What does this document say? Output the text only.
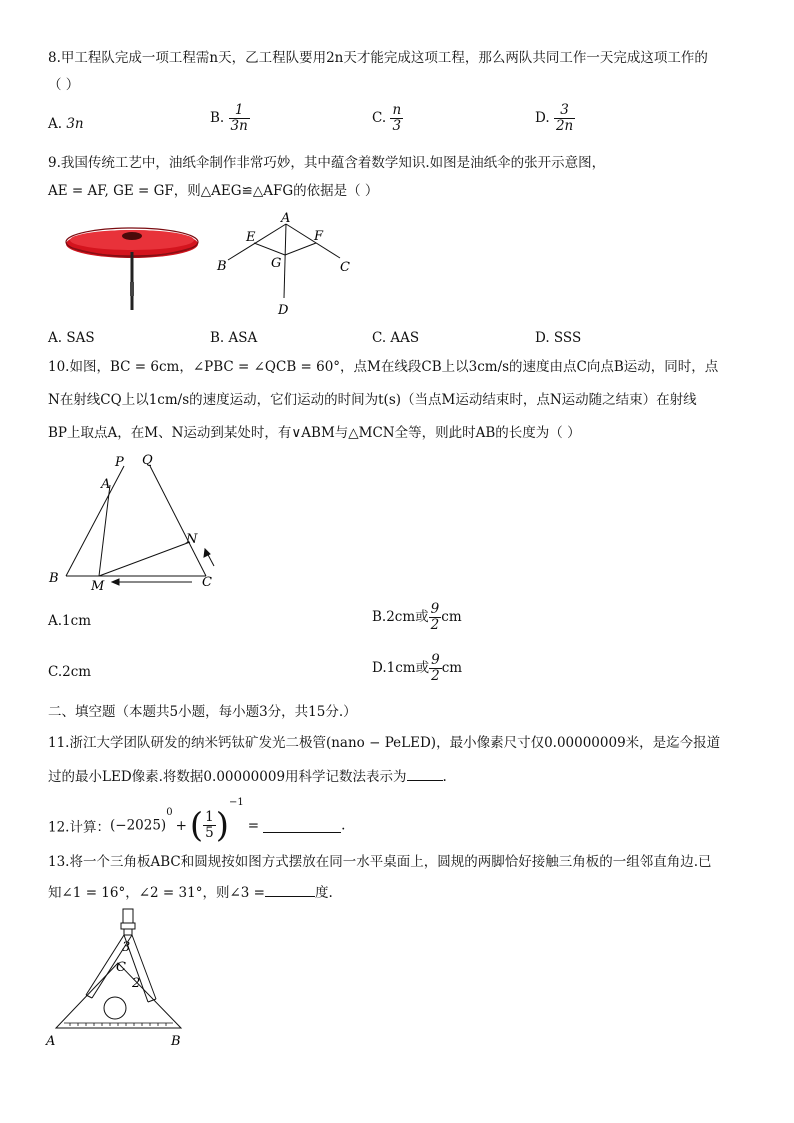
8.甲工程队完成一项工程需n天，乙工程队要用2n天才能完成这项工程，那么两队共同工作一天完成这项工作的
（ ）
A. 3n	B. $\frac{1}{3n}$	C. $\frac{n}{3}$	D. $\frac{3}{2n}$
9.我国传统工艺中，油纸伞制作非常巧妙，其中蕴含着数学知识.如图是油纸伞的张开示意图，
AE = AF, GE = GF，则△AEG≌△AFG的依据是（ ）
A
E	F
B	G	C
D
A. SAS	B. ASA	C. AAS	D. SSS
10.如图，BC = 6cm，∠PBC = ∠QCB = 60°，点M在线段CB上以3cm/s的速度由点C向点B运动，同时，点
N在射线CQ上以1cm/s的速度运动，它们运动的时间为t(s)（当点M运动结束时，点N运动随之结束）在射线
BP上取点A，在M、N运动到某处时，有∨ABM与△MCN全等，则此时AB的长度为（ ）
P Q
A
N
B
M	C
A.1cm	B.2cm或 $\frac{9}{2}$ cm
C.2cm	D.1cm或 $\frac{9}{2}$ cm
二、填空题（本题共5小题，每小题3分，共15分.）
11.浙江大学团队研发的纳米钙钛矿发光二极管(nano − PeLED)，最小像素尺寸仅0.00000009米，是迄今报道
过的最小LED像素.将数据0.00000009用科学记数法表示为	.
12.计算：$(-2025)^0+( \frac{1}{5} )^{-1}=$	.
13.将一个三角板ABC和圆规按如图方式摆放在同一水平桌面上，圆规的两脚恰好接触三角板的一组邻直角边.已
知∠1 = 16°，∠2 = 31°，则∠3 =	度.
3
C
2
A	B
